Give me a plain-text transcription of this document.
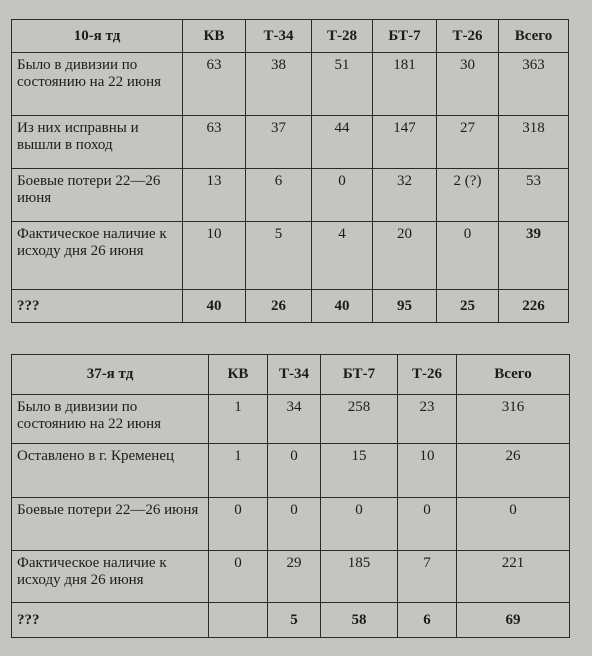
10-я тд	КВ	Т-34	Т-28	БТ-7	Т-26	Всего
Было в дивизии по состоянию на 22 июня	63	38	51	181	30	363
Из них исправны и вышли в поход	63	37	44	147	27	318
Боевые потери 22—26 июня	13	6	0	32	2 (?)	53
Фактическое наличие к исходу дня 26 июня	10	5	4	20	0	39
???	40	26	40	95	25	226
37-я тд	КВ	Т-34	БТ-7	Т-26	Всего
Было в дивизии по состоянию на 22 июня	1	34	258	23	316
Оставлено в г. Кременец	1	0	15	10	26
Боевые потери 22—26 июня	0	0	0	0	0
Фактическое наличие к исходу дня 26 июня	0	29	185	7	221
???		5	58	6	69
